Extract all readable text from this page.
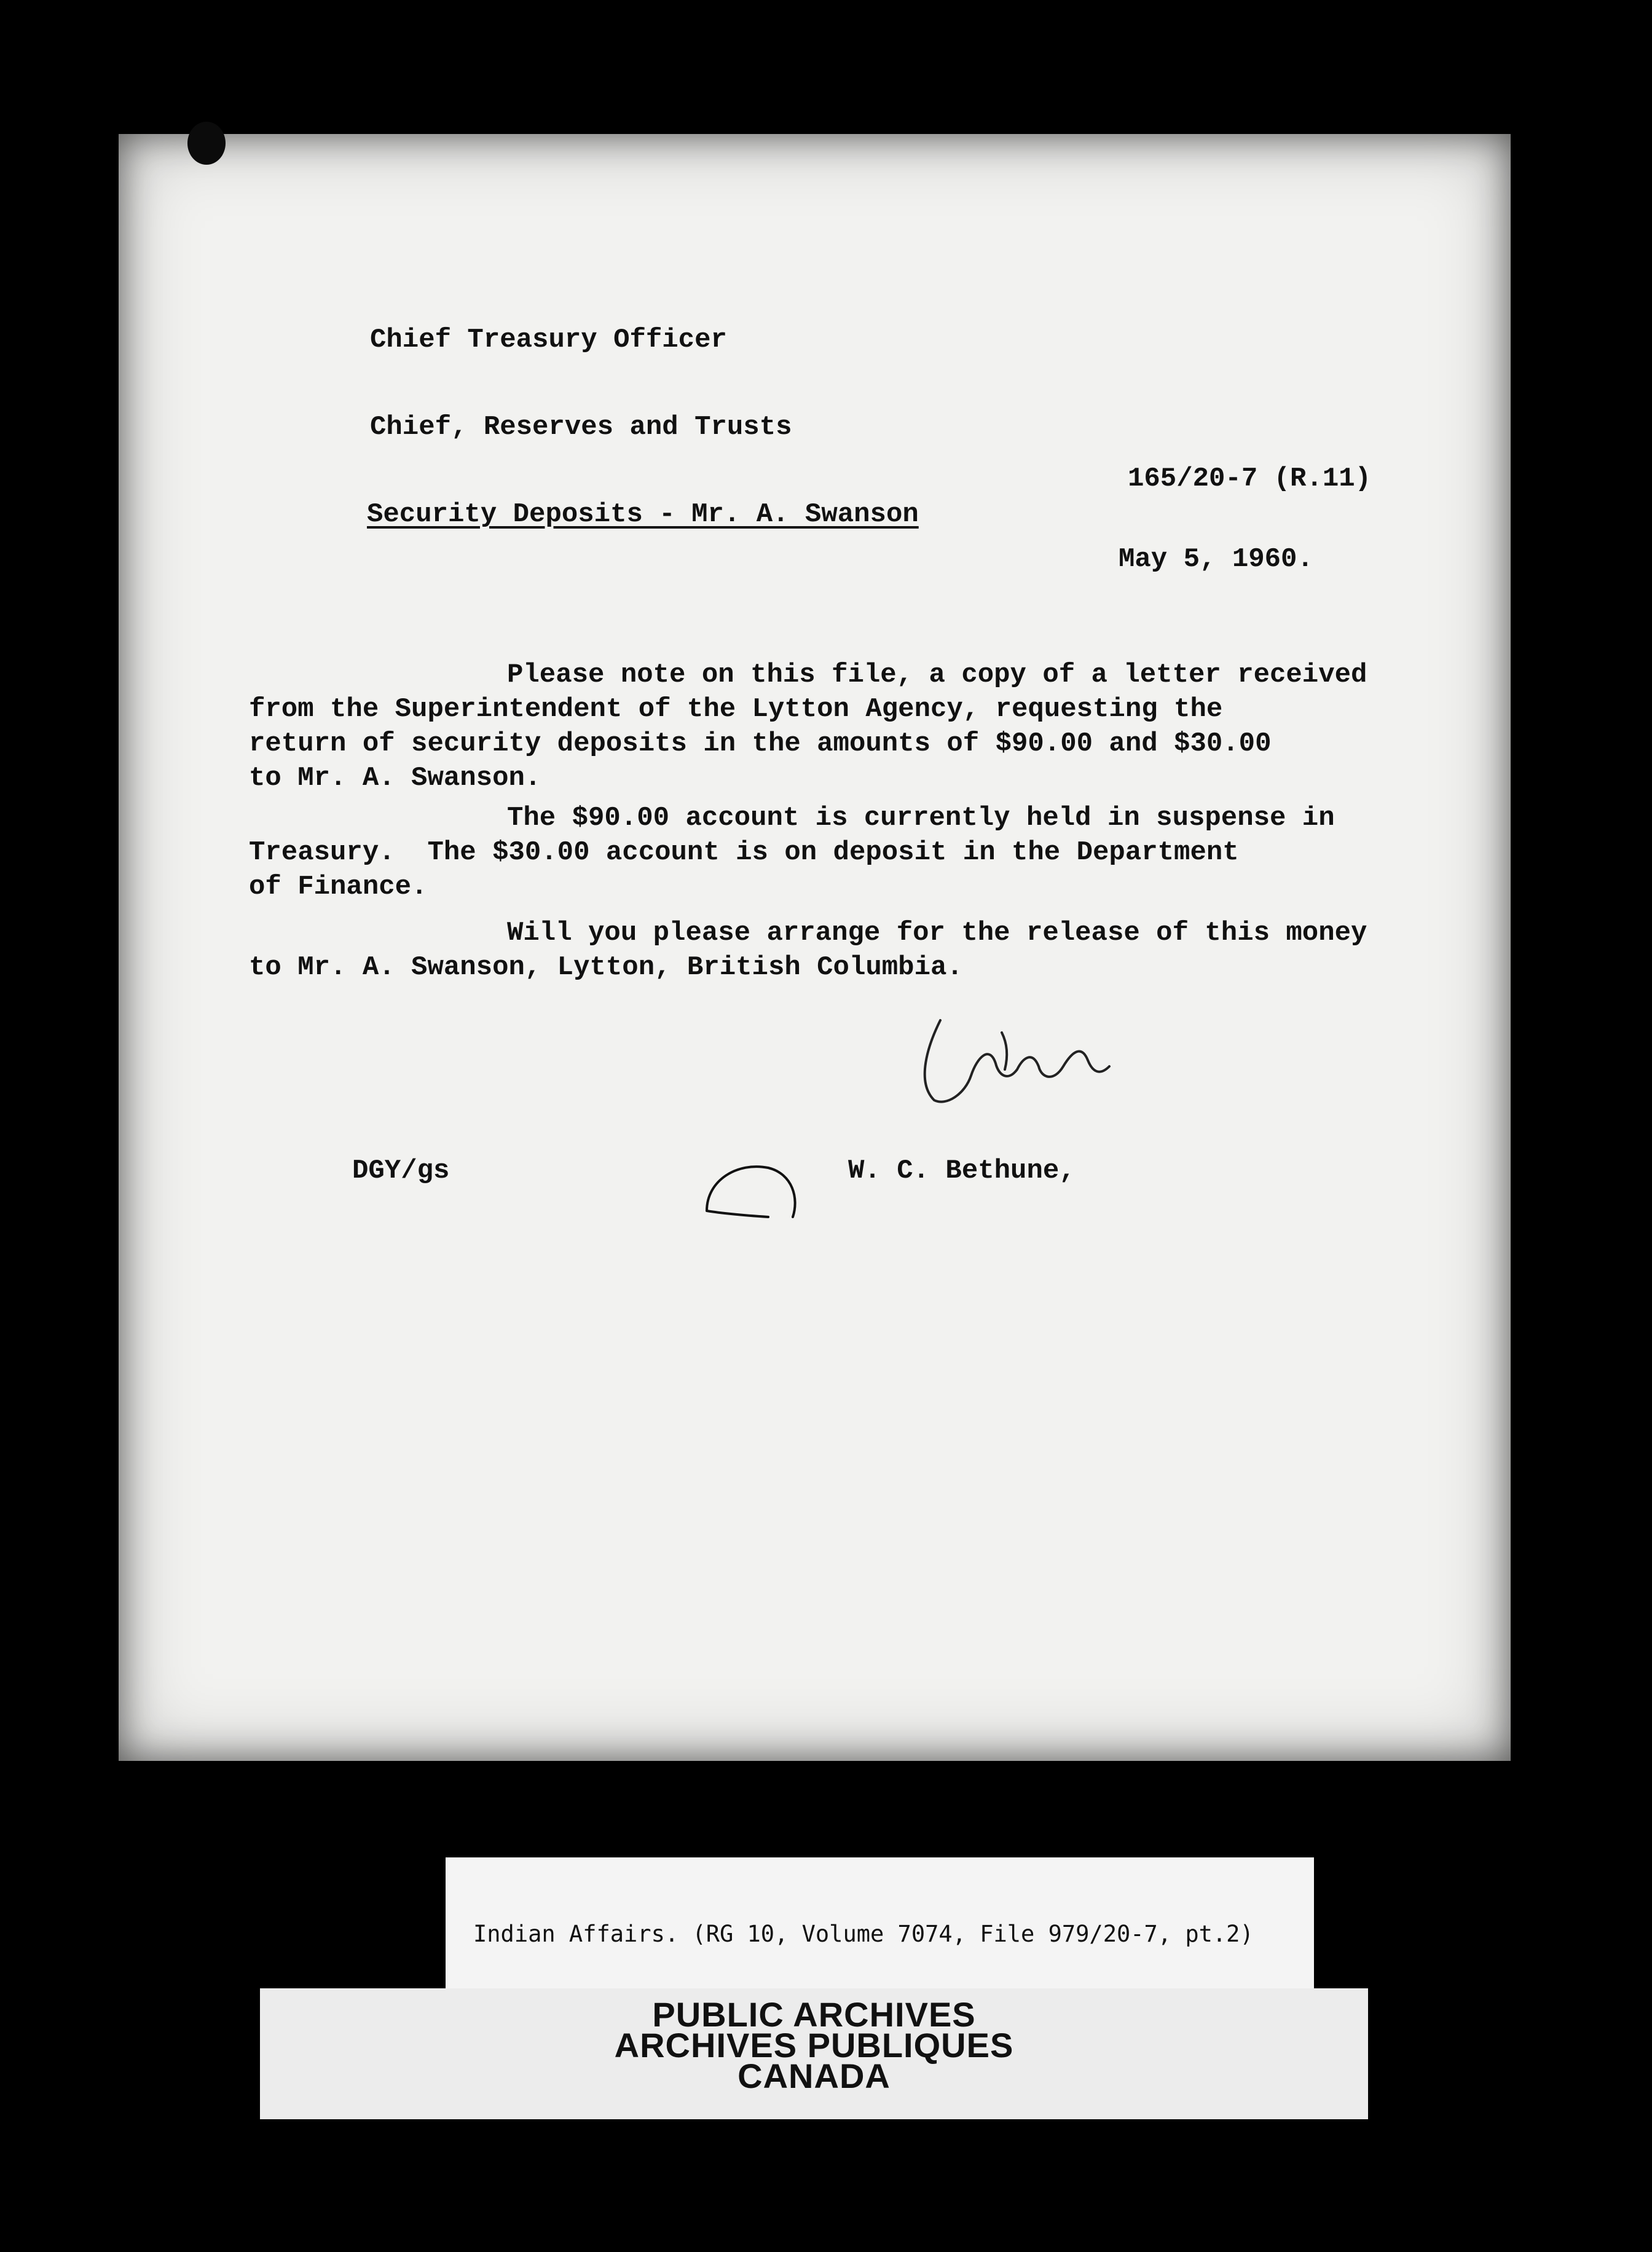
Chief Treasury Officer
Chief, Reserves and Trusts
165/20-7 (R.11)
Security Deposits - Mr. A. Swanson
May 5, 1960.
Please note on this file, a copy of a letter received
from the Superintendent of the Lytton Agency, requesting the
return of security deposits in the amounts of $90.00 and $30.00
to Mr. A. Swanson.
The $90.00 account is currently held in suspense in
Treasury.  The $30.00 account is on deposit in the Department
of Finance.
Will you please arrange for the release of this money
to Mr. A. Swanson, Lytton, British Columbia.
DGY/gs	W. C. Bethune,
Indian Affairs. (RG 10, Volume 7074, File 979/20-7, pt.2)
PUBLIC ARCHIVES
ARCHIVES PUBLIQUES
CANADA
